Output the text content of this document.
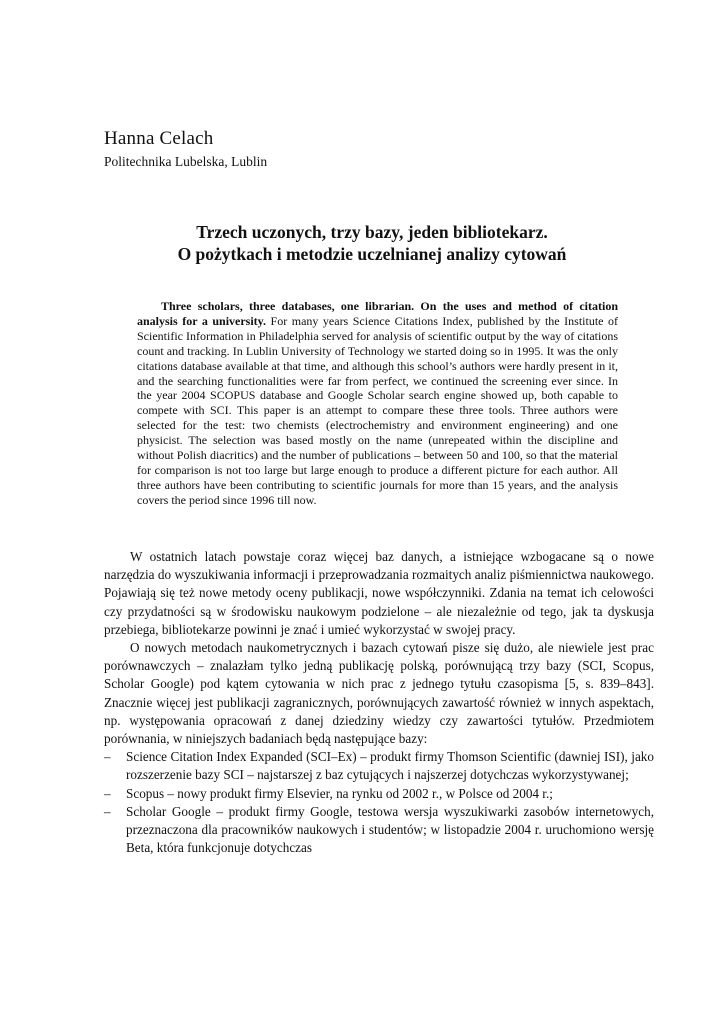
Hanna Celach
Politechnika Lubelska, Lublin
Trzech uczonych, trzy bazy, jeden bibliotekarz.
O pożytkach i metodzie uczelnianej analizy cytowań
Three scholars, three databases, one librarian. On the uses and method of citation analysis for a university. For many years Science Citations Index, published by the Institute of Scientific Information in Philadelphia served for analysis of scientific output by the way of citations count and tracking. In Lublin University of Technology we started doing so in 1995. It was the only citations database available at that time, and although this school’s authors were hardly present in it, and the searching functionalities were far from perfect, we continued the screening ever since. In the year 2004 SCOPUS database and Google Scholar search engine showed up, both capable to compete with SCI. This paper is an attempt to compare these three tools. Three authors were selected for the test: two chemists (electrochemistry and environment engineering) and one physicist. The selection was based mostly on the name (unrepeated within the discipline and without Polish diacritics) and the number of publications – between 50 and 100, so that the material for comparison is not too large but large enough to produce a different picture for each author. All three authors have been contributing to scientific journals for more than 15 years, and the analysis covers the period since 1996 till now.

W ostatnich latach powstaje coraz więcej baz danych, a istniejące wzbogacane są o nowe narzędzia do wyszukiwania informacji i przeprowadzania rozmaitych analiz piśmiennictwa naukowego. Pojawiają się też nowe metody oceny publikacji, nowe współczynniki. Zdania na temat ich celowości czy przydatności są w środowisku naukowym podzielone – ale niezależnie od tego, jak ta dyskusja przebiega, bibliotekarze powinni je znać i umieć wykorzystać w swojej pracy.

O nowych metodach naukometrycznych i bazach cytowań pisze się dużo, ale niewiele jest prac porównawczych – znalazłam tylko jedną publikację polską, porównującą trzy bazy (SCI, Scopus, Scholar Google) pod kątem cytowania w nich prac z jednego tytułu czasopisma [5, s. 839–843]. Znacznie więcej jest publikacji zagranicznych, porównujących zawartość również w innych aspektach, np. występowania opracowań z danej dziedziny wiedzy czy zawartości tytułów. Przedmiotem porównania, w niniejszych badaniach będą następujące bazy:

– Science Citation Index Expanded (SCI–Ex) – produkt firmy Thomson Scientific (dawniej ISI), jako rozszerzenie bazy SCI – najstarszej z baz cytujących i najszerzej dotychczas wykorzystywanej;
– Scopus – nowy produkt firmy Elsevier, na rynku od 2002 r., w Polsce od 2004 r.;
– Scholar Google – produkt firmy Google, testowa wersja wyszukiwarki zasobów internetowych, przeznaczona dla pracowników naukowych i studentów; w listopadzie 2004 r. uruchomiono wersję Beta, która funkcjonuje dotychczas
